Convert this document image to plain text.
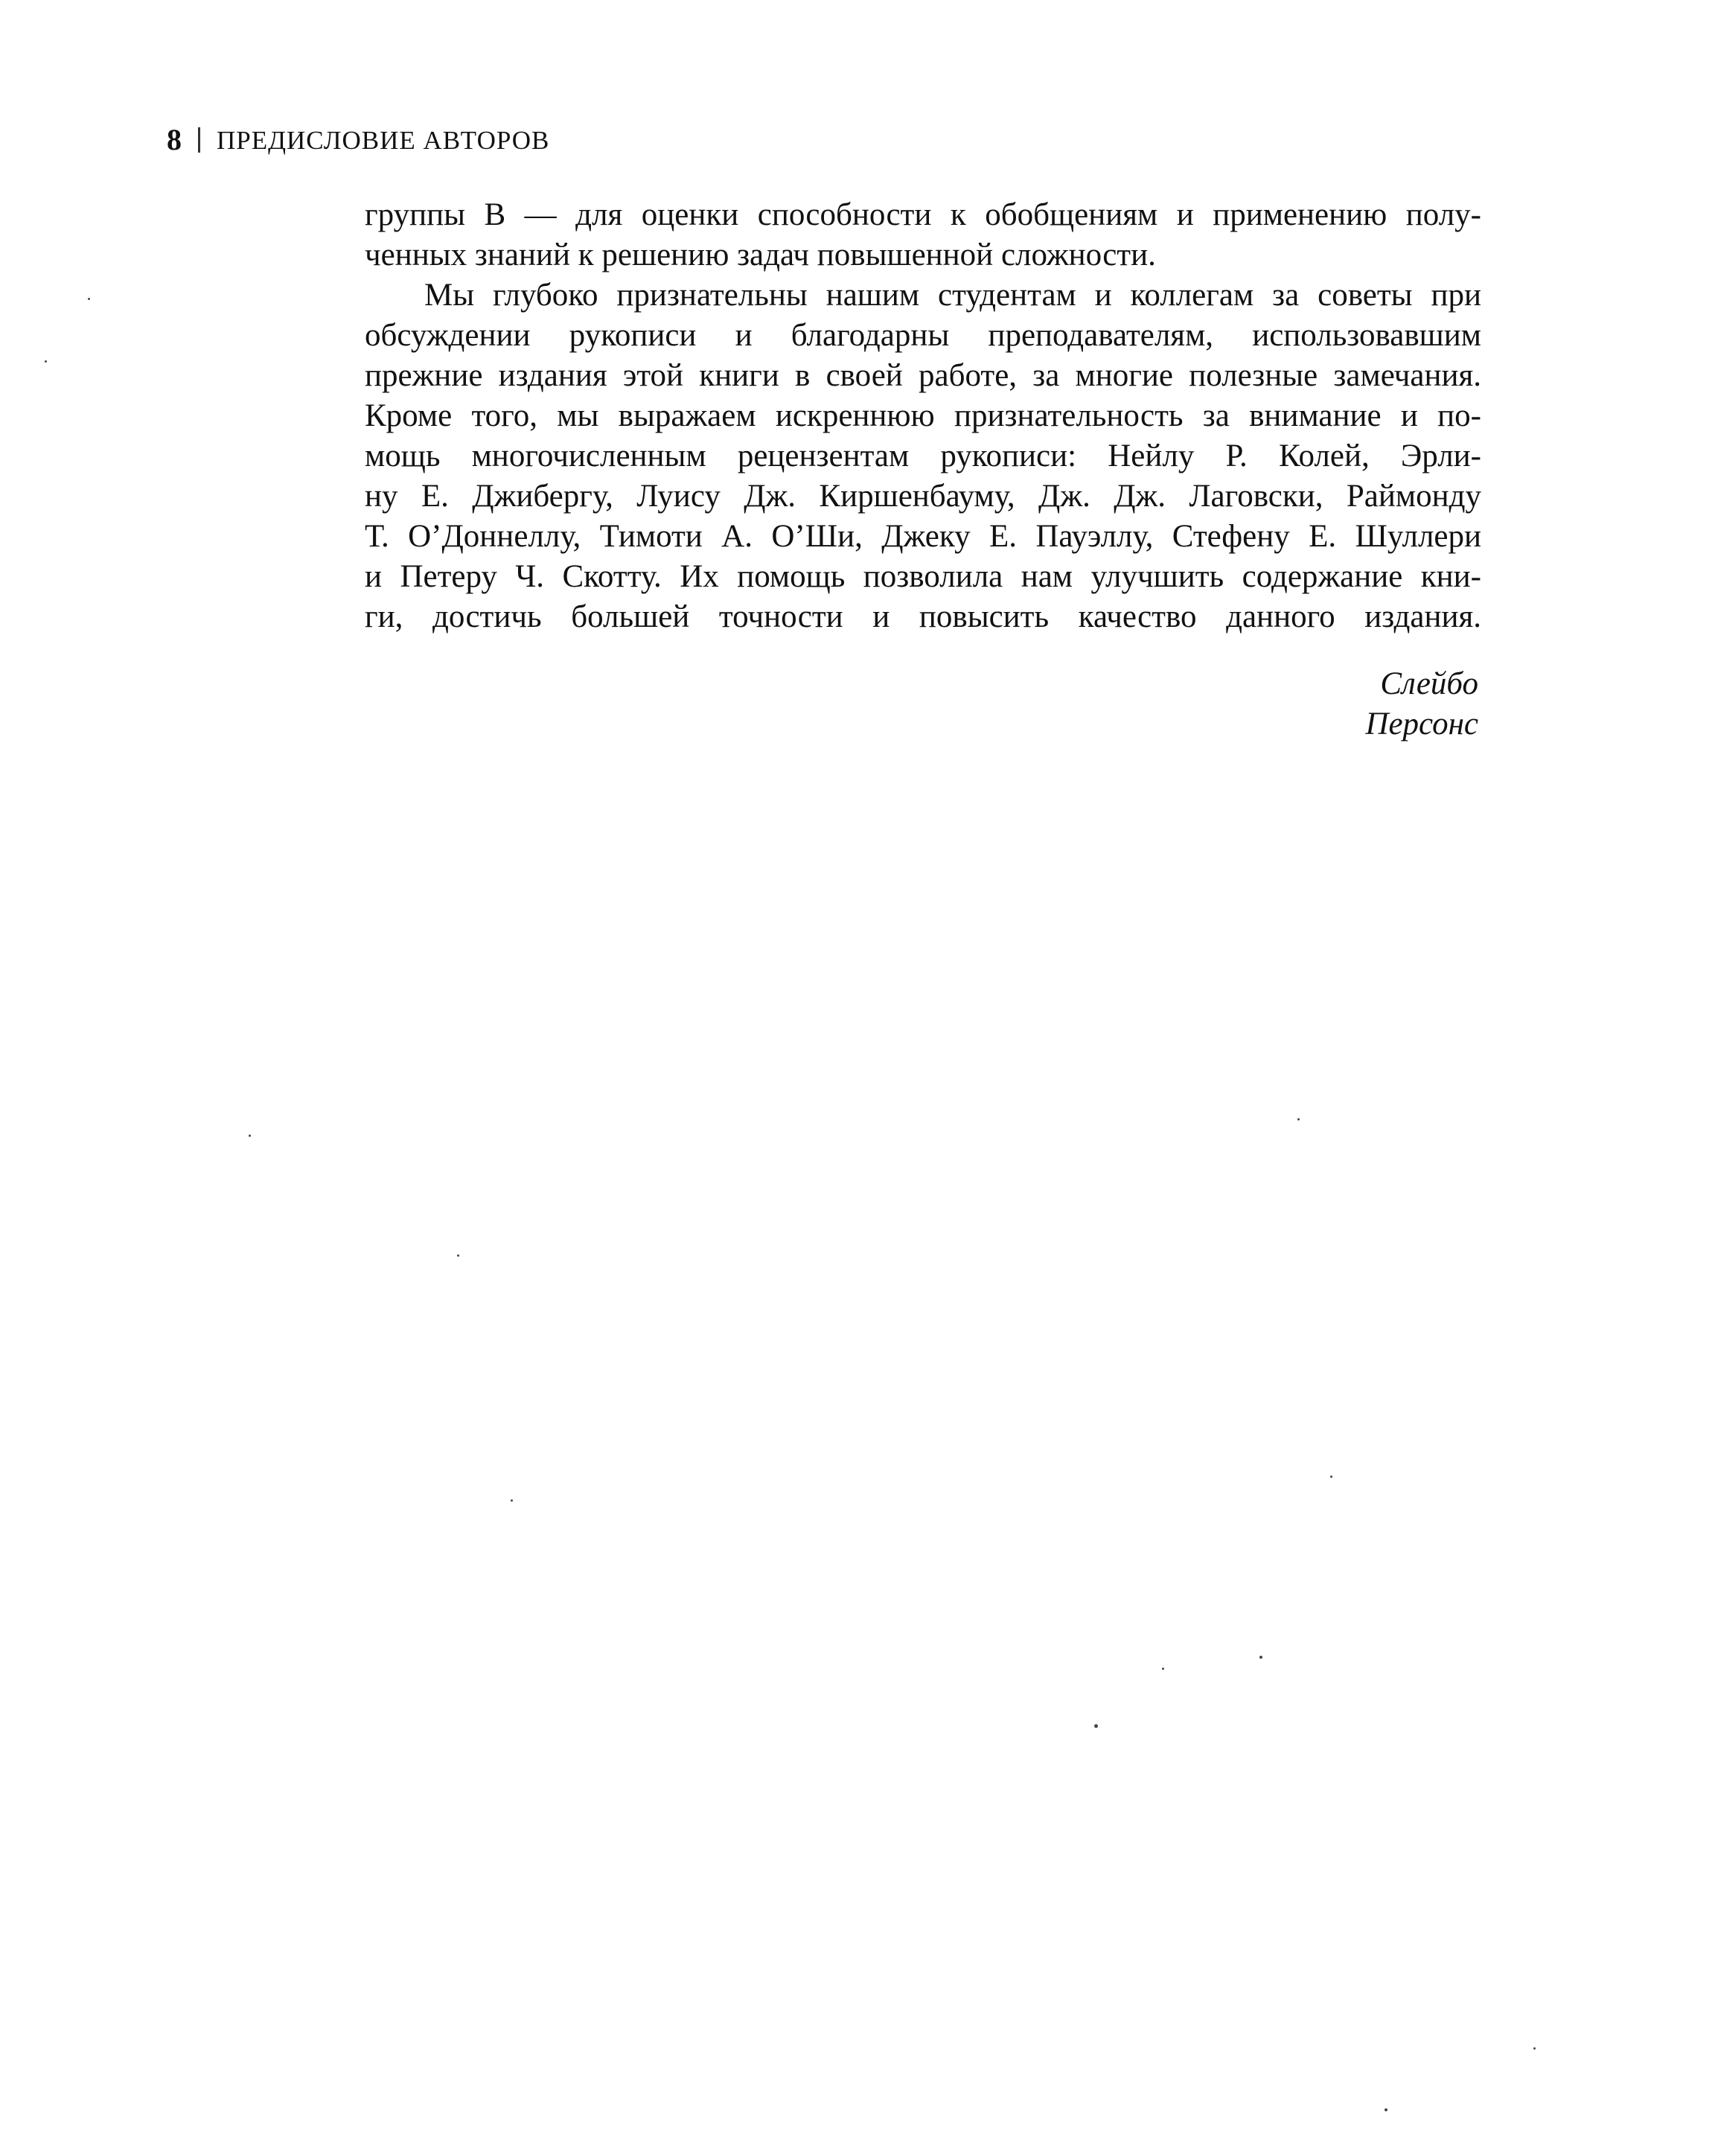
8 ПРЕДИСЛОВИЕ АВТОРОВ
группы В — для оценки способности к обобщениям и применению полу-
ченных знаний к решению задач повышенной сложности.
Мы глубоко признательны нашим студентам и коллегам за советы при
обсуждении рукописи и благодарны преподавателям, использовавшим
прежние издания этой книги в своей работе, за многие полезные замечания.
Кроме того, мы выражаем искреннюю признательность за внимание и по-
мощь многочисленным рецензентам рукописи: Нейлу Р. Колей, Эрли-
ну Е. Джибергу, Луису Дж. Киршенбауму, Дж. Дж. Лаговски, Раймонду
Т. О’Доннеллу, Тимоти А. О’Ши, Джеку Е. Пауэллу, Стефену Е. Шуллери
и Петеру Ч. Скотту. Их помощь позволила нам улучшить содержание кни-
ги, достичь большей точности и повысить качество данного издания.
Слейбо
Персонс
